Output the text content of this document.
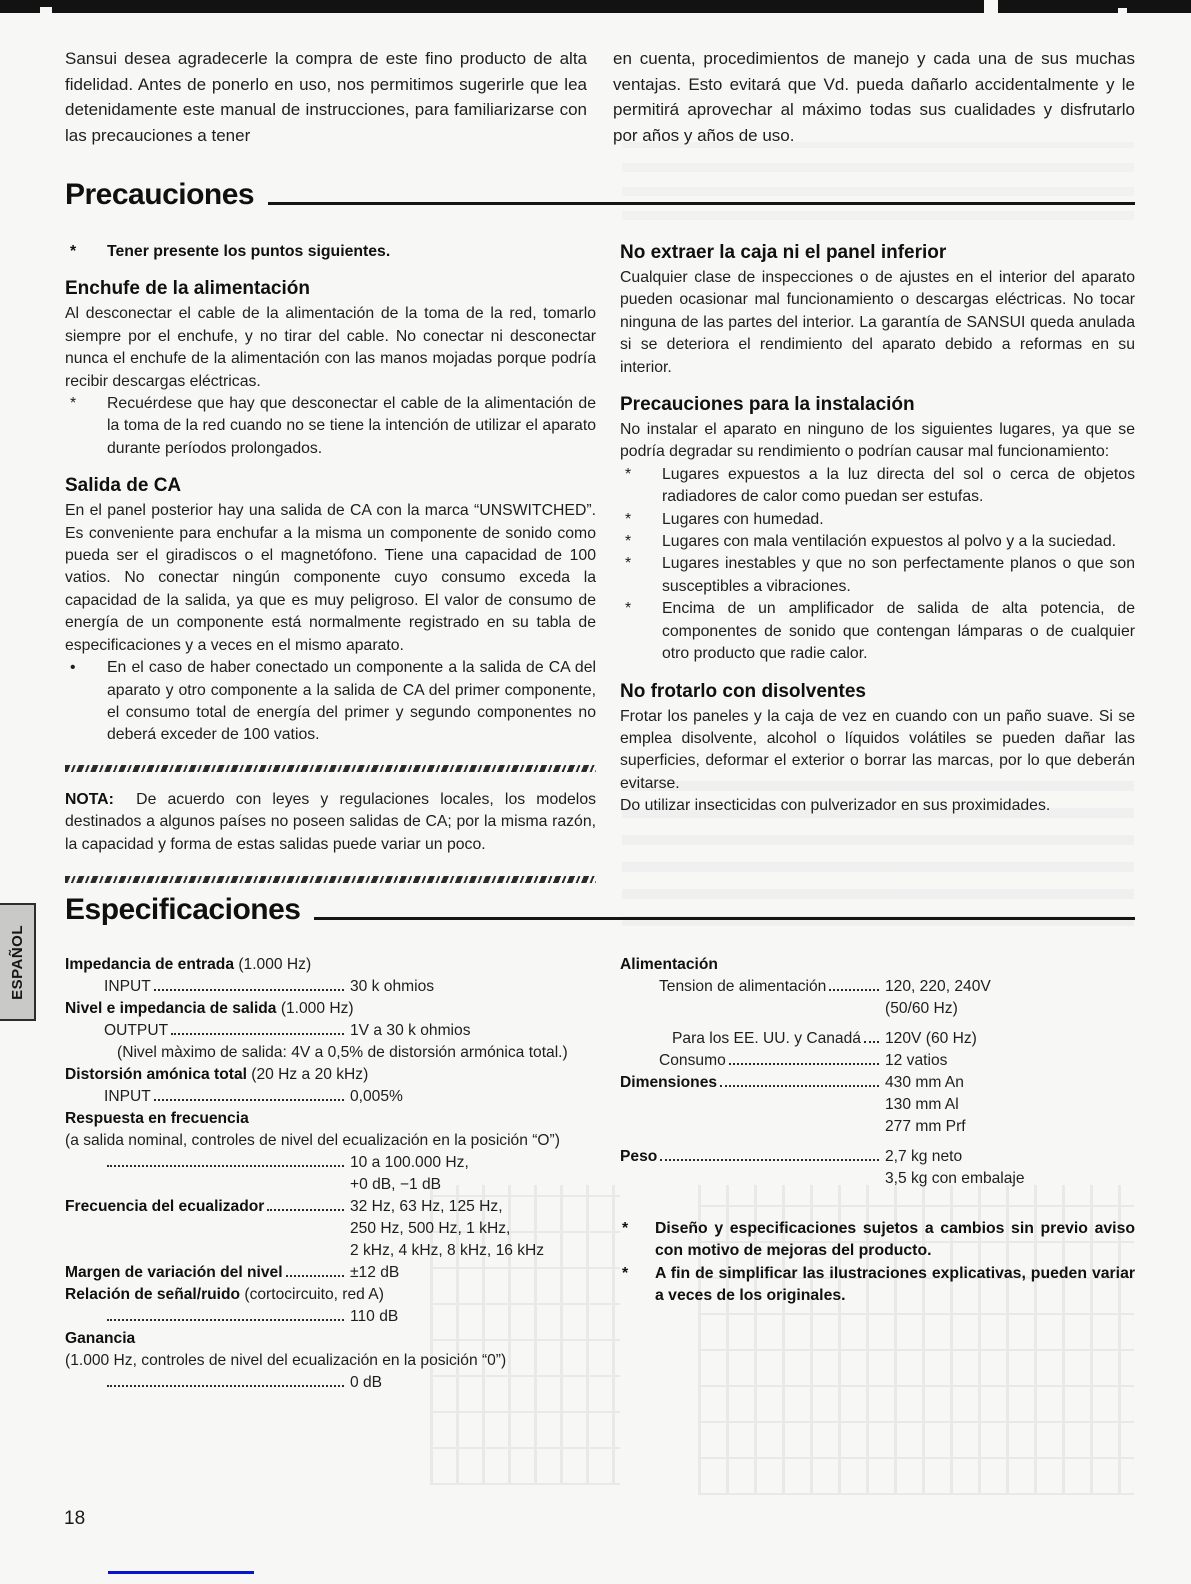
Sansui desea agradecerle la compra de este fino producto de alta fidelidad. Antes de ponerlo en uso, nos permitimos sugerirle que lea detenidamente este manual de instrucciones, para familiarizarse con las precauciones a tener

en cuenta, procedimientos de manejo y cada una de sus muchas ventajas. Esto evitará que Vd. pueda dañarlo accidentalmente y le permitirá aprovechar al máximo todas sus cualidades y disfrutarlo por años y años de uso.

Precauciones
*	Tener presente los puntos siguientes.
Enchufe de la alimentación

Al desconectar el cable de la alimentación de la toma de la red, tomarlo siempre por el enchufe, y no tirar del cable. No conectar ni desconectar nunca el enchufe de la alimentación con las manos mojadas porque podría recibir descargas eléctricas.

*	Recuérdese que hay que desconectar el cable de la alimentación de la toma de la red cuando no se tiene la intención de utilizar el aparato durante períodos prolongados.
Salida de CA

En el panel posterior hay una salida de CA con la marca “UNSWITCHED”. Es conveniente para enchufar a la misma un componente de sonido como pueda ser el giradiscos o el magnetófono. Tiene una capacidad de 100 vatios. No conectar ningún componente cuyo consumo exceda la capacidad de la salida, ya que es muy peligroso. El valor de consumo de energía de un componente está normalmente registrado en su tabla de especificaciones y a veces en el mismo aparato.

•	En el caso de haber conectado un componente a la salida de CA del aparato y otro componente a la salida de CA del primer componente, el consumo total de energía del primer y segundo componentes no deberá exceder de 100 vatios.

NOTA: De acuerdo con leyes y regulaciones locales, los modelos destinados a algunos países no poseen salidas de CA; por la misma razón, la capacidad y forma de estas salidas puede variar un poco.

No extraer la caja ni el panel inferior

Cualquier clase de inspecciones o de ajustes en el interior del aparato pueden ocasionar mal funcionamiento o descargas eléctricas. No tocar ninguna de las partes del interior. La garantía de SANSUI queda anulada si se deteriora el rendimiento del aparato debido a reformas en su interior.

Precauciones para la instalación

No instalar el aparato en ninguno de los siguientes lugares, ya que se podría degradar su rendimiento o podrían causar mal funcionamiento:

*	Lugares expuestos a la luz directa del sol o cerca de objetos radiadores de calor como puedan ser estufas.
*	Lugares con humedad.
*	Lugares con mala ventilación expuestos al polvo y a la suciedad.
*	Lugares inestables y que no son perfectamente planos o que son susceptibles a vibraciones.
*	Encima de un amplificador de salida de alta potencia, de componentes de sonido que contengan lámparas o de cualquier otro producto que radie calor.
No frotarlo con disolventes

Frotar los paneles y la caja de vez en cuando con un paño suave. Si se emplea disolvente, alcohol o líquidos volátiles se pueden dañar las superficies, deformar el exterior o borrar las marcas, por lo que deberán evitarse.

Do utilizar insecticidas con pulverizador en sus proximidades.

Especificaciones
Impedancia de entrada (1.000 Hz)
INPUT	30 k ohmios
Nivel e impedancia de salida (1.000 Hz)
OUTPUT	1V a 30 k ohmios
(Nivel màximo de salida: 4V a 0,5% de distorsión armónica total.)
Distorsión amónica total (20 Hz a 20 kHz)
INPUT	0,005%
Respuesta en frecuencia
(a salida nominal, controles de nivel del ecualización en la posición “O”)
10 a 100.000 Hz,
+0 dB, −1 dB
Frecuencia del ecualizador	32 Hz, 63 Hz, 125 Hz,
250 Hz, 500 Hz, 1 kHz,
2 kHz, 4 kHz, 8 kHz, 16 kHz
Margen de variación del nivel	±12 dB
Relación de señal/ruido (cortocircuito, red A)
110 dB
Ganancia
(1.000 Hz, controles de nivel del ecualización en la posición “0”)
0 dB
Alimentación
Tension de alimentación	120, 220, 240V
(50/60 Hz)
Para los EE. UU. y Canadá 120V (60 Hz)
Consumo	12 vatios
Dimensiones	430 mm An
130 mm Al
277 mm Prf
Peso	2,7 kg neto
3,5 kg con embalaje
*	Diseño y especificaciones sujetos a cambios sin previo aviso con motivo de mejoras del producto.
*	A fin de simplificar las ilustraciones explicativas, pueden variar a veces de los originales.
ESPAÑOL
18
